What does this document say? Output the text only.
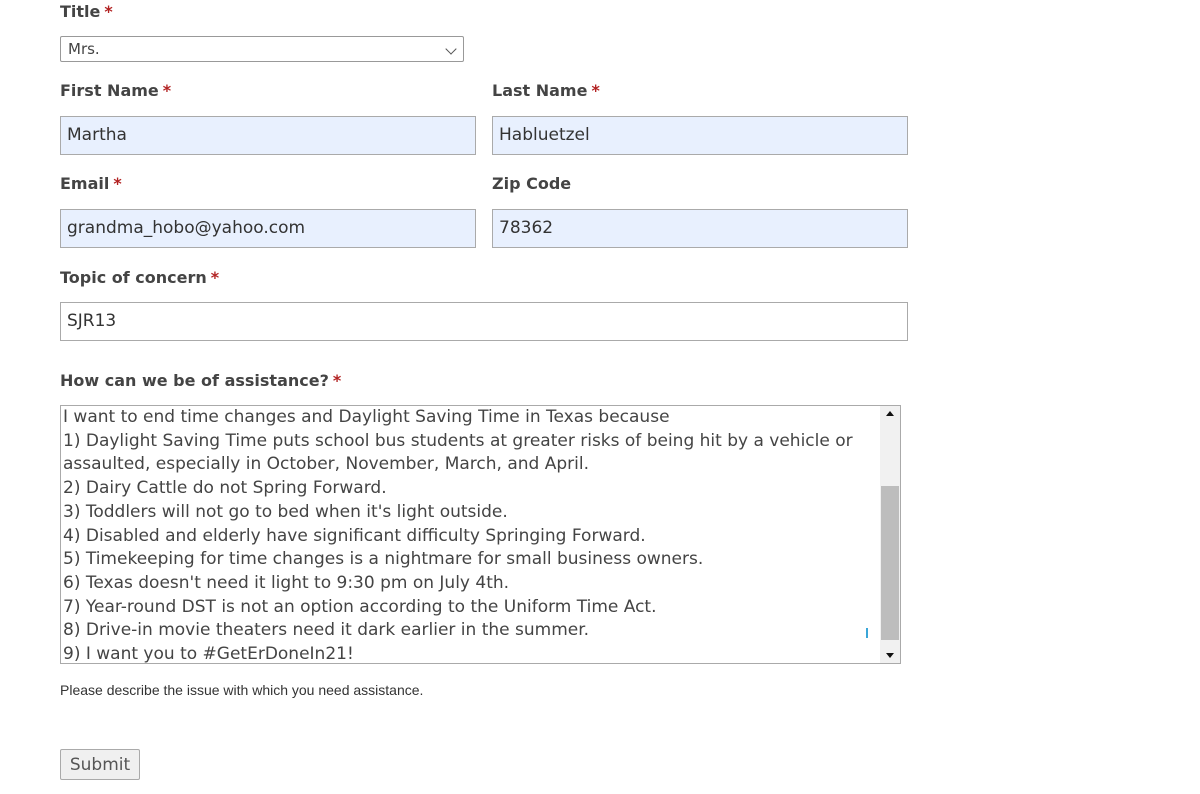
Title *
Mrs.
First Name *	Last Name *
Martha	Habluetzel
Email *	Zip Code
grandma_hobo@yahoo.com	78362
Topic of concern *
SJR13
How can we be of assistance? *
I want to end time changes and Daylight Saving Time in Texas because
1) Daylight Saving Time puts school bus students at greater risks of being hit by a vehicle or
assaulted, especially in October, November, March, and April.
2) Dairy Cattle do not Spring Forward.
3) Toddlers will not go to bed when it's light outside.
4) Disabled and elderly have significant difficulty Springing Forward.
5) Timekeeping for time changes is a nightmare for small business owners.
6) Texas doesn't need it light to 9:30 pm on July 4th.
7) Year-round DST is not an option according to the Uniform Time Act.
8) Drive-in movie theaters need it dark earlier in the summer.
9) I want you to #GetErDoneIn21!
Please describe the issue with which you need assistance.
Submit
